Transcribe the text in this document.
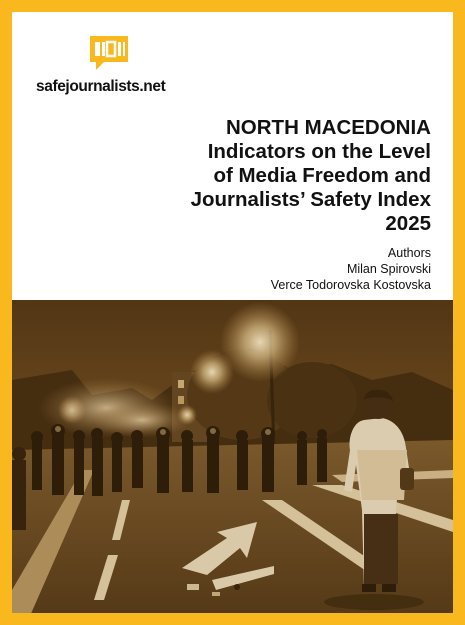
safejournalists.net
NORTH MACEDONIA
Indicators on the Level
of Media Freedom and
Journalists’ Safety Index
2025
Authors
Milan Spirovski
Verce Todorovska Kostovska
